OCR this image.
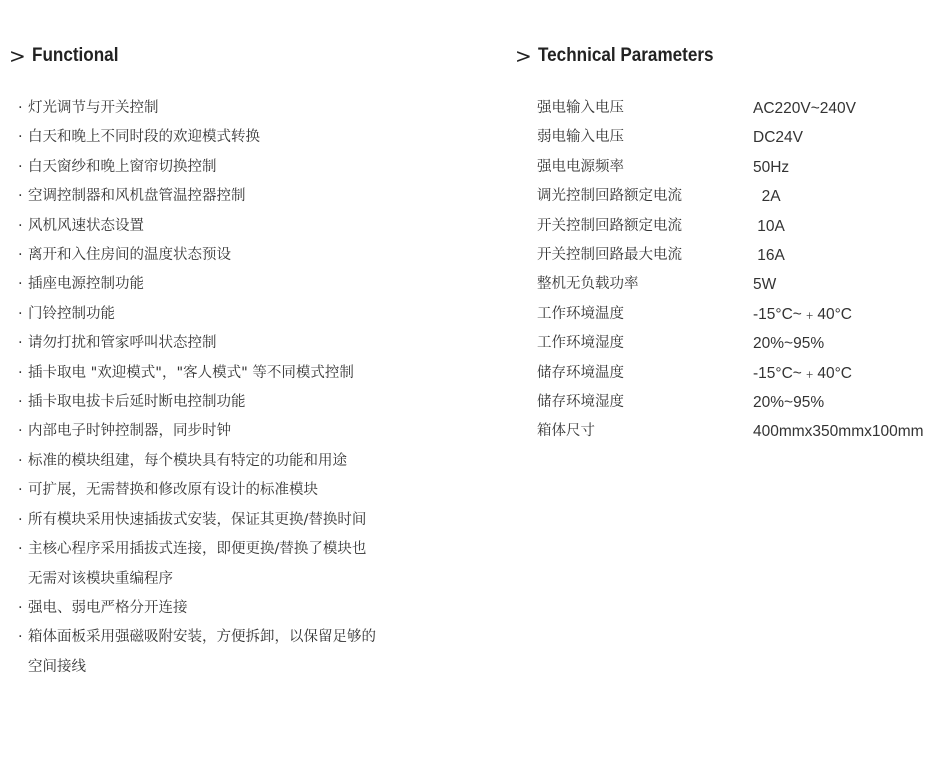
> Functional
· 灯光调节与开关控制
· 白天和晚上不同时段的欢迎模式转换
· 白天窗纱和晚上窗帘切换控制
· 空调控制器和风机盘管温控器控制
· 风机风速状态设置
· 离开和入住房间的温度状态预设
· 插座电源控制功能
· 门铃控制功能
· 请勿打扰和管家呼叫状态控制
· 插卡取电 "欢迎模式"，"客人模式" 等不同模式控制
· 插卡取电拔卡后延时断电控制功能
· 内部电子时钟控制器，同步时钟
· 标准的模块组建，每个模块具有特定的功能和用途
· 可扩展，无需替换和修改原有设计的标准模块
· 所有模块采用快速插拔式安装，保证其更换/替换时间
· 主核心程序采用插拔式连接，即便更换/替换了模块也
无需对该模块重编程序
· 强电、弱电严格分开连接
· 箱体面板采用强磁吸附安装，方便拆卸，以保留足够的
空间接线
> Technical Parameters
强电输入电压	AC220V~240V
弱电输入电压	DC24V
强电电源频率	50Hz
调光控制回路额定电流	2A
开关控制回路额定电流	10A
开关控制回路最大电流	16A
整机无负载功率	5W
工作环境温度	-15°C~﹢40°C
工作环境湿度	20%~95%
储存环境温度	-15°C~﹢40°C
储存环境湿度	20%~95%
箱体尺寸	400mmx350mmx100mm
